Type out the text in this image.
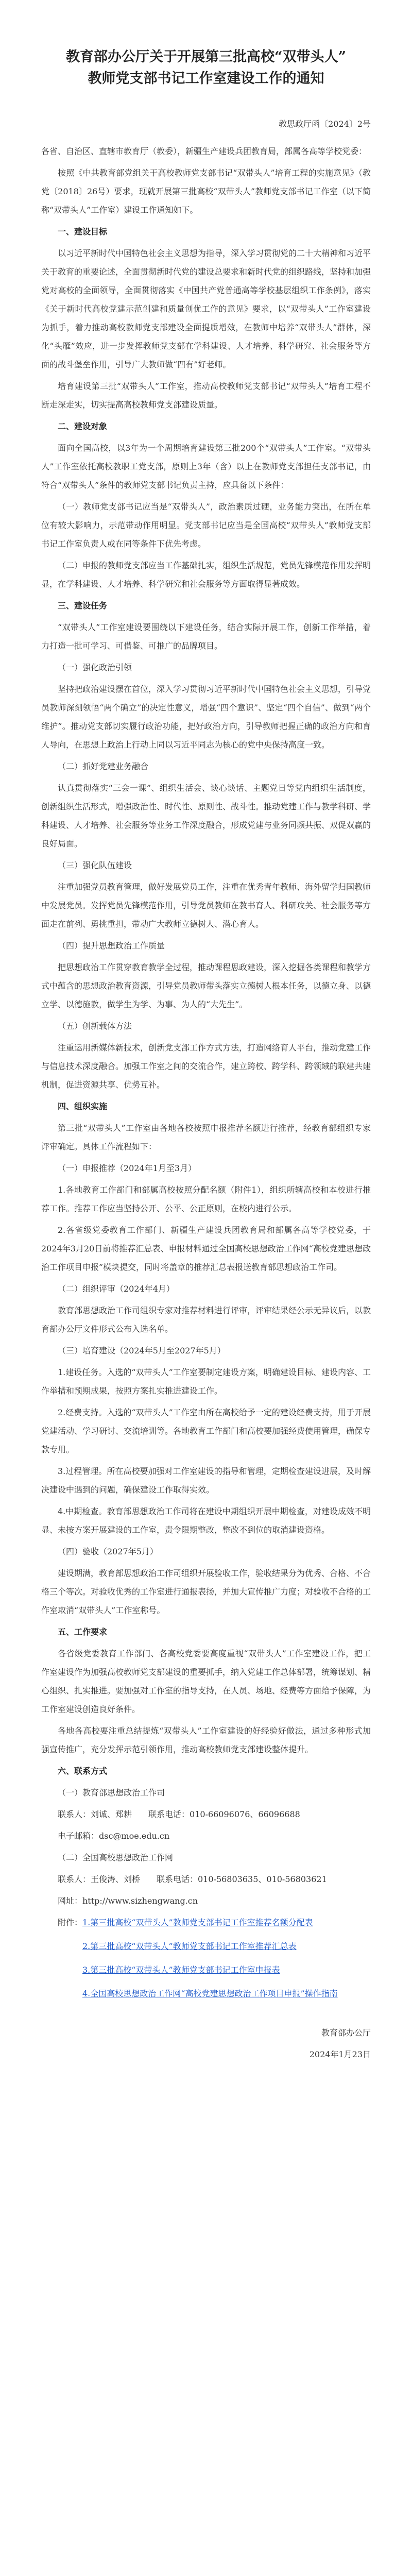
教育部办公厅关于开展第三批高校“双带头人”
教师党支部书记工作室建设工作的通知

教思政厅函〔2024〕2号

各省、自治区、直辖市教育厅（教委），新疆生产建设兵团教育局，部属各高等学校党委：

按照《中共教育部党组关于高校教师党支部书记“双带头人”培育工程的实施意见》（教党〔2018〕26号）要求，现就开展第三批高校“双带头人”教师党支部书记工作室（以下简称“双带头人”工作室）建设工作通知如下。

一、建设目标

以习近平新时代中国特色社会主义思想为指导，深入学习贯彻党的二十大精神和习近平关于教育的重要论述，全面贯彻新时代党的建设总要求和新时代党的组织路线，坚持和加强党对高校的全面领导，全面贯彻落实《中国共产党普通高等学校基层组织工作条例》，落实《关于新时代高校党建示范创建和质量创优工作的意见》要求，以“双带头人”工作室建设为抓手，着力推动高校教师党支部建设全面提质增效，在教师中培养“双带头人”群体，深化“头雁”效应，进一步发挥教师党支部在学科建设、人才培养、科学研究、社会服务等方面的战斗堡垒作用，引导广大教师做“四有”好老师。

培育建设第三批“双带头人”工作室，推动高校教师党支部书记“双带头人”培育工程不断走深走实，切实提高高校教师党支部建设质量。

二、建设对象

面向全国高校，以3年为一个周期培育建设第三批200个“双带头人”工作室。“双带头人”工作室依托高校教职工党支部，原则上3年（含）以上在教师党支部担任支部书记，由符合“双带头人”条件的教师党支部书记负责主持，应具备以下条件：

（一）教师党支部书记应当是“双带头人”，政治素质过硬，业务能力突出，在所在单位有较大影响力，示范带动作用明显。党支部书记应当是全国高校“双带头人”教师党支部书记工作室负责人或在同等条件下优先考虑。

（二）申报的教师党支部应当工作基础扎实，组织生活规范，党员先锋模范作用发挥明显，在学科建设、人才培养、科学研究和社会服务等方面取得显著成效。

三、建设任务

“双带头人”工作室建设要围绕以下建设任务，结合实际开展工作，创新工作举措，着力打造一批可学习、可借鉴、可推广的品牌项目。

（一）强化政治引领

坚持把政治建设摆在首位，深入学习贯彻习近平新时代中国特色社会主义思想，引导党员教师深刻领悟“两个确立”的决定性意义，增强“四个意识”、坚定“四个自信”、做到“两个维护”。推动党支部切实履行政治功能，把好政治方向，引导教师把握正确的政治方向和育人导向，在思想上政治上行动上同以习近平同志为核心的党中央保持高度一致。

（二）抓好党建业务融合

认真贯彻落实“三会一课”、组织生活会、谈心谈话、主题党日等党内组织生活制度，创新组织生活形式，增强政治性、时代性、原则性、战斗性。推动党建工作与教学科研、学科建设、人才培养、社会服务等业务工作深度融合，形成党建与业务同频共振、双促双赢的良好局面。

（三）强化队伍建设

注重加强党员教育管理，做好发展党员工作，注重在优秀青年教师、海外留学归国教师中发展党员。发挥党员先锋模范作用，引导党员教师在教书育人、科研攻关、社会服务等方面走在前列、勇挑重担，带动广大教师立德树人、潜心育人。

（四）提升思想政治工作质量

把思想政治工作贯穿教育教学全过程，推动课程思政建设，深入挖掘各类课程和教学方式中蕴含的思想政治教育资源，引导党员教师带头落实立德树人根本任务，以德立身、以德立学、以德施教，做学生为学、为事、为人的“大先生”。

（五）创新载体方法

注重运用新媒体新技术，创新党支部工作方式方法，打造网络育人平台，推动党建工作与信息技术深度融合。加强工作室之间的交流合作，建立跨校、跨学科、跨领域的联建共建机制，促进资源共享、优势互补。

四、组织实施

第三批“双带头人”工作室由各地各校按照申报推荐名额进行推荐，经教育部组织专家评审确定。具体工作流程如下：

（一）申报推荐（2024年1月至3月）

1.各地教育工作部门和部属高校按照分配名额（附件1），组织所辖高校和本校进行推荐工作。推荐工作应当坚持公开、公平、公正原则，在校内进行公示。

2.各省级党委教育工作部门、新疆生产建设兵团教育局和部属各高等学校党委，于2024年3月20日前将推荐汇总表、申报材料通过全国高校思想政治工作网“高校党建思想政治工作项目申报”模块提交，同时将盖章的推荐汇总表报送教育部思想政治工作司。

（二）组织评审（2024年4月）

教育部思想政治工作司组织专家对推荐材料进行评审，评审结果经公示无异议后，以教育部办公厅文件形式公布入选名单。

（三）培育建设（2024年5月至2027年5月）

1.建设任务。入选的“双带头人”工作室要制定建设方案，明确建设目标、建设内容、工作举措和预期成果，按照方案扎实推进建设工作。

2.经费支持。入选的“双带头人”工作室由所在高校给予一定的建设经费支持，用于开展党建活动、学习研讨、交流培训等。各地教育工作部门和高校要加强经费使用管理，确保专款专用。

3.过程管理。所在高校要加强对工作室建设的指导和管理，定期检查建设进展，及时解决建设中遇到的问题，确保建设工作取得实效。

4.中期检查。教育部思想政治工作司将在建设中期组织开展中期检查，对建设成效不明显、未按方案开展建设的工作室，责令限期整改，整改不到位的取消建设资格。

（四）验收（2027年5月）

建设期满，教育部思想政治工作司组织开展验收工作，验收结果分为优秀、合格、不合格三个等次。对验收优秀的工作室进行通报表扬，并加大宣传推广力度；对验收不合格的工作室取消“双带头人”工作室称号。

五、工作要求

各省级党委教育工作部门、各高校党委要高度重视“双带头人”工作室建设工作，把工作室建设作为加强高校教师党支部建设的重要抓手，纳入党建工作总体部署，统筹谋划、精心组织、扎实推进。要加强对工作室的指导支持，在人员、场地、经费等方面给予保障，为工作室建设创造良好条件。

各地各高校要注重总结提炼“双带头人”工作室建设的好经验好做法，通过多种形式加强宣传推广，充分发挥示范引领作用，推动高校教师党支部建设整体提升。

六、联系方式

（一）教育部思想政治工作司

联系人：刘诚、郑耕　　联系电话：010-66096076、66096688

电子邮箱：dsc@moe.edu.cn

（二）全国高校思想政治工作网

联系人：王俊涛、刘桥　　联系电话：010-56803635、010-56803621

网址：http://www.sizhengwang.cn

附件：1.第三批高校“双带头人”教师党支部书记工作室推荐名额分配表

2.第三批高校“双带头人”教师党支部书记工作室推荐汇总表

3.第三批高校“双带头人”教师党支部书记工作室申报表

4.全国高校思想政治工作网“高校党建思想政治工作项目申报”操作指南

教育部办公厅

2024年1月23日
